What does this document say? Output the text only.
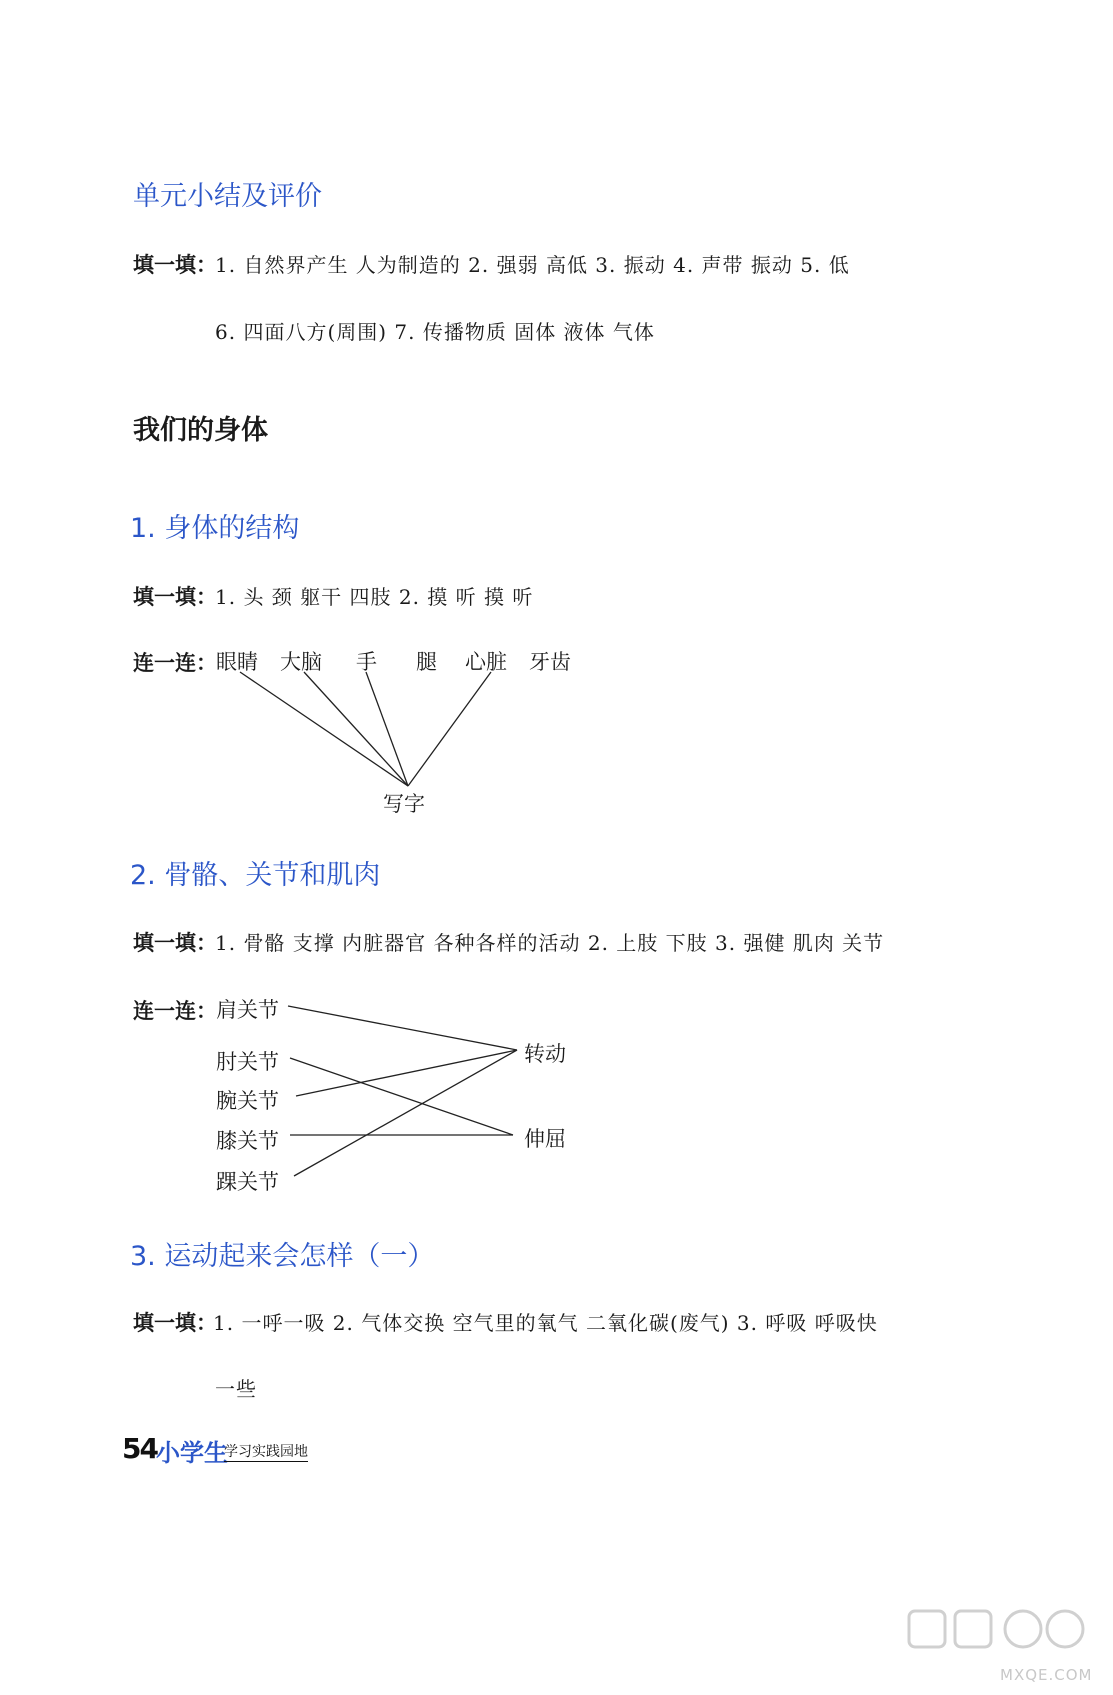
单元小结及评价
填一填：
1. 自然界产生 人为制造的 2. 强弱 高低 3. 振动 4. 声带 振动 5. 低
6. 四面八方(周围) 7. 传播物质 固体 液体 气体
我们的身体
1. 身体的结构
填一填：
1. 头 颈 躯干 四肢 2. 摸 听 摸 听
连一连： 眼睛 大脑 手 腿 心脏 牙齿
写字
2. 骨骼、关节和肌肉
填一填：
1. 骨骼 支撑 内脏器官 各种各样的活动 2. 上肢 下肢 3. 强健 肌肉 关节
连一连： 肩关节
肘关节
腕关节
膝关节
踝关节
转动
伸屈
3. 运动起来会怎样（一）
填一填：
1. 一呼一吸 2. 气体交换 空气里的氧气 二氧化碳(废气) 3. 呼吸 呼吸快
一些
54 小学生
学习实践园地
MXQE.COM
